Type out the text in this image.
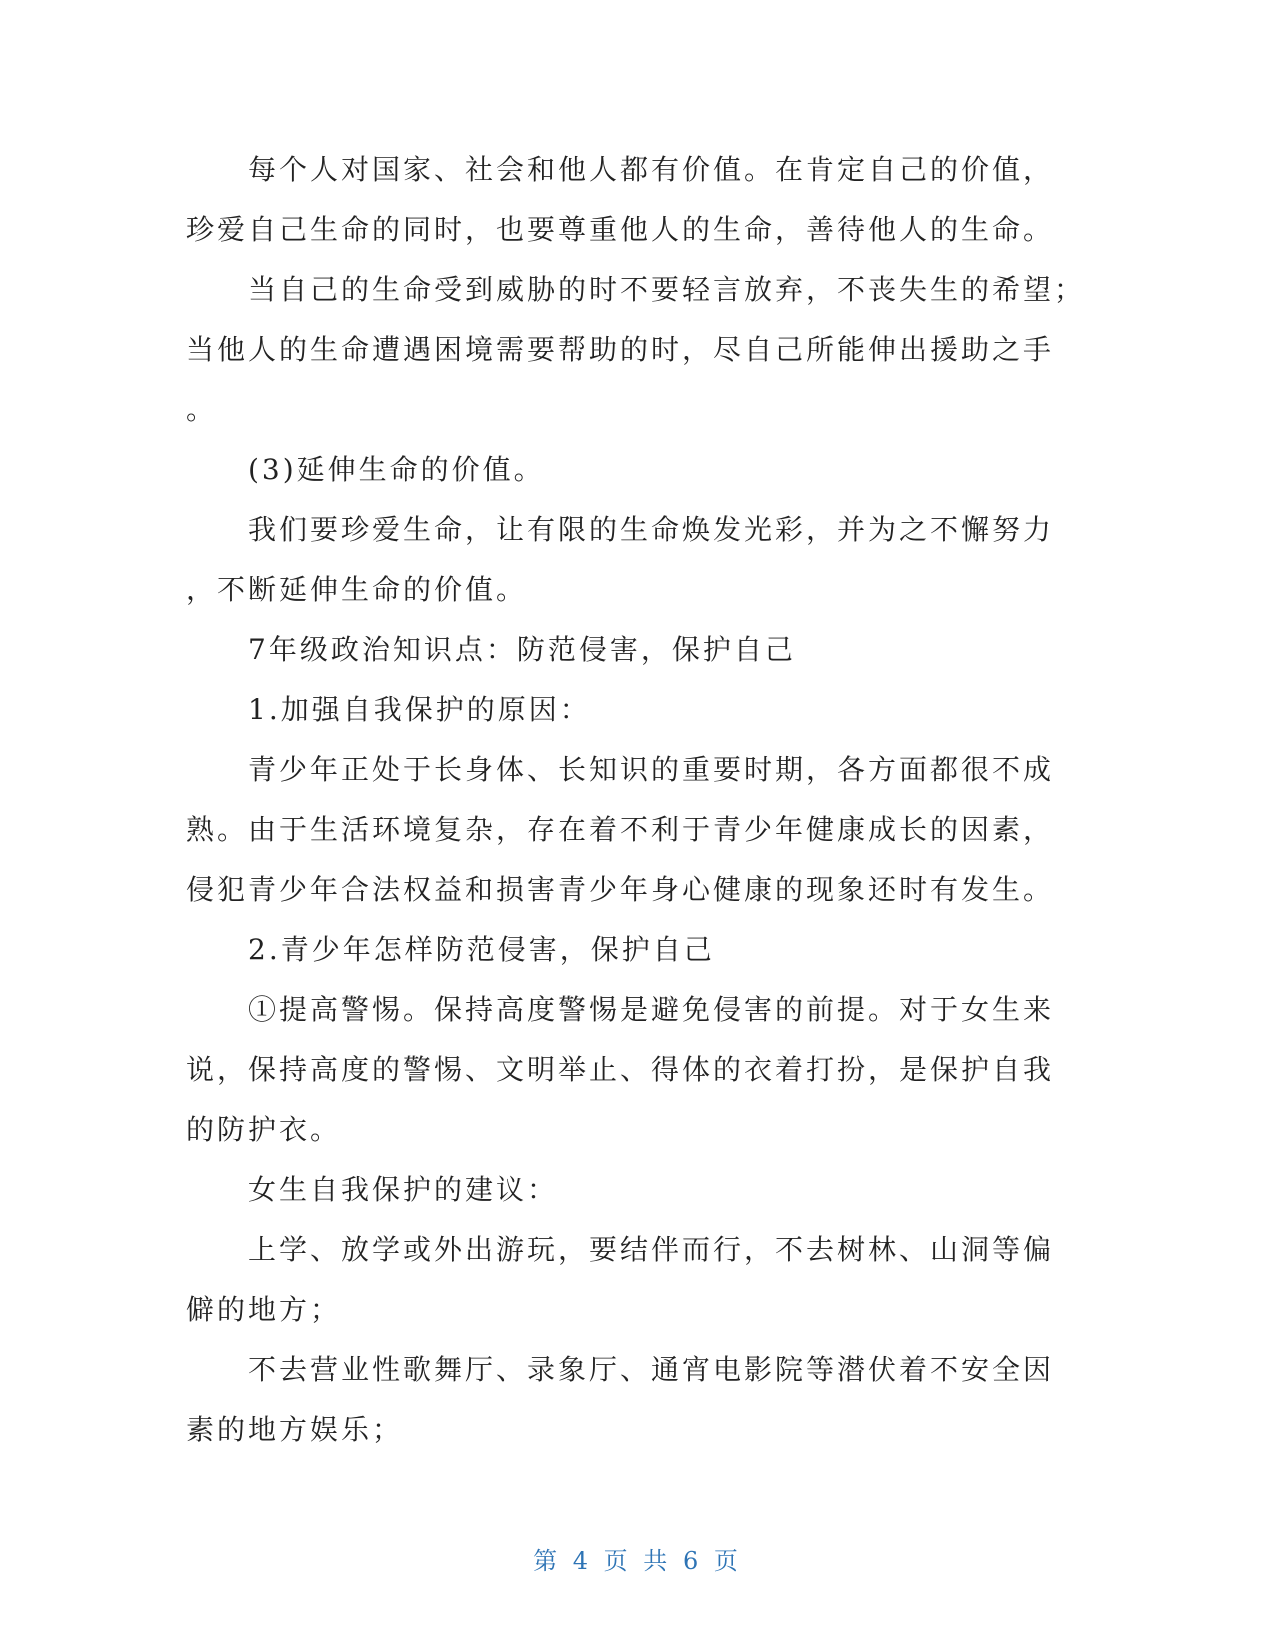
每个人对国家、社会和他人都有价值。在肯定自己的价值，
珍爱自己生命的同时，也要尊重他人的生命，善待他人的生命。
当自己的生命受到威胁的时不要轻言放弃，不丧失生的希望；
当他人的生命遭遇困境需要帮助的时，尽自己所能伸出援助之手
。
(3)延伸生命的价值。
我们要珍爱生命，让有限的生命焕发光彩，并为之不懈努力
，不断延伸生命的价值。
7年级政治知识点：防范侵害，保护自己
1.加强自我保护的原因：
青少年正处于长身体、长知识的重要时期，各方面都很不成
熟。由于生活环境复杂，存在着不利于青少年健康成长的因素，
侵犯青少年合法权益和损害青少年身心健康的现象还时有发生。
2.青少年怎样防范侵害，保护自己
①提高警惕。保持高度警惕是避免侵害的前提。对于女生来
说，保持高度的警惕、文明举止、得体的衣着打扮，是保护自我
的防护衣。
女生自我保护的建议：
上学、放学或外出游玩，要结伴而行，不去树林、山洞等偏
僻的地方；
不去营业性歌舞厅、录象厅、通宵电影院等潜伏着不安全因
素的地方娱乐；
第 4 页 共 6 页
